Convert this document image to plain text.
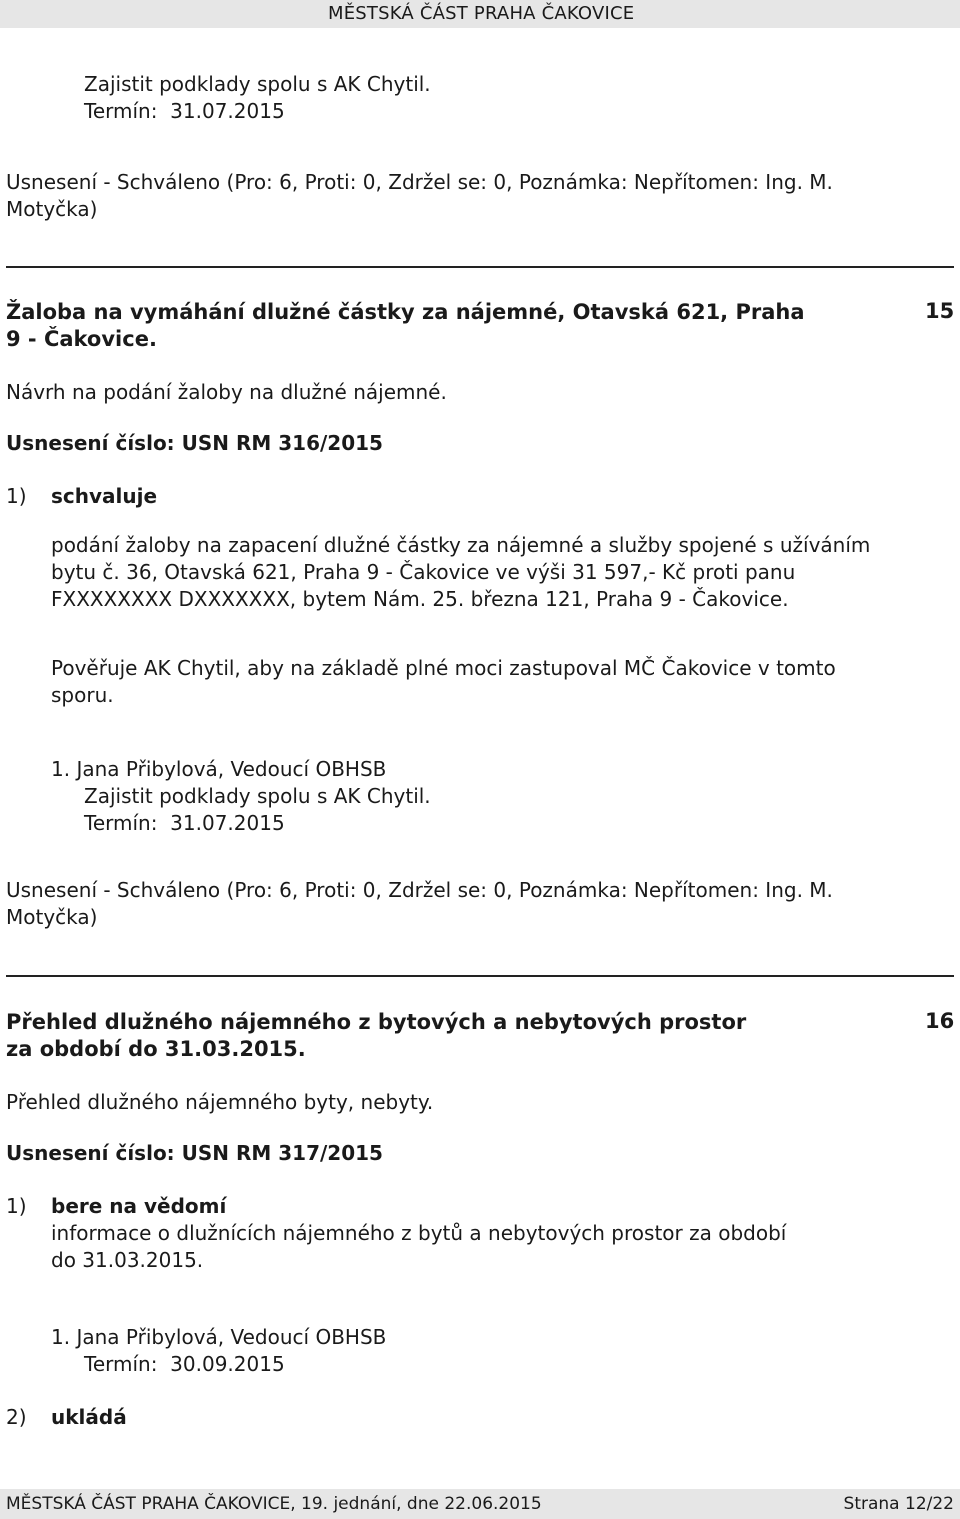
MĚSTSKÁ ČÁST PRAHA ČAKOVICE
Zajistit podklady spolu s AK Chytil.
Termín:  31.07.2015
Usnesení - Schváleno (Pro: 6, Proti: 0, Zdržel se: 0, Poznámka: Nepřítomen: Ing. M.
Motyčka)
Žaloba na vymáhání dlužné částky za nájemné, Otavská 621, Praha
9 - Čakovice.
15
Návrh na podání žaloby na dlužné nájemné.
Usnesení číslo: USN RM 316/2015
1) schvaluje
podání žaloby na zapacení dlužné částky za nájemné a služby spojené s užíváním
bytu č. 36, Otavská 621, Praha 9 - Čakovice ve výši 31 597,- Kč proti panu
FXXXXXXXX DXXXXXXX, bytem Nám. 25. března 121, Praha 9 - Čakovice.
Pověřuje AK Chytil, aby na základě plné moci zastupoval MČ Čakovice v tomto
sporu.
1. Jana Přibylová, Vedoucí OBHSB
Zajistit podklady spolu s AK Chytil.
Termín:  31.07.2015
Usnesení - Schváleno (Pro: 6, Proti: 0, Zdržel se: 0, Poznámka: Nepřítomen: Ing. M.
Motyčka)
Přehled dlužného nájemného z bytových a nebytových prostor
za období do 31.03.2015.
16
Přehled dlužného nájemného byty, nebyty.
Usnesení číslo: USN RM 317/2015
1) bere na vědomí
informace o dlužnících nájemného z bytů a nebytových prostor za období
do 31.03.2015.
1. Jana Přibylová, Vedoucí OBHSB
Termín:  30.09.2015
2) ukládá
MĚSTSKÁ ČÁST PRAHA ČAKOVICE, 19. jednání, dne 22.06.2015	Strana 12/22
